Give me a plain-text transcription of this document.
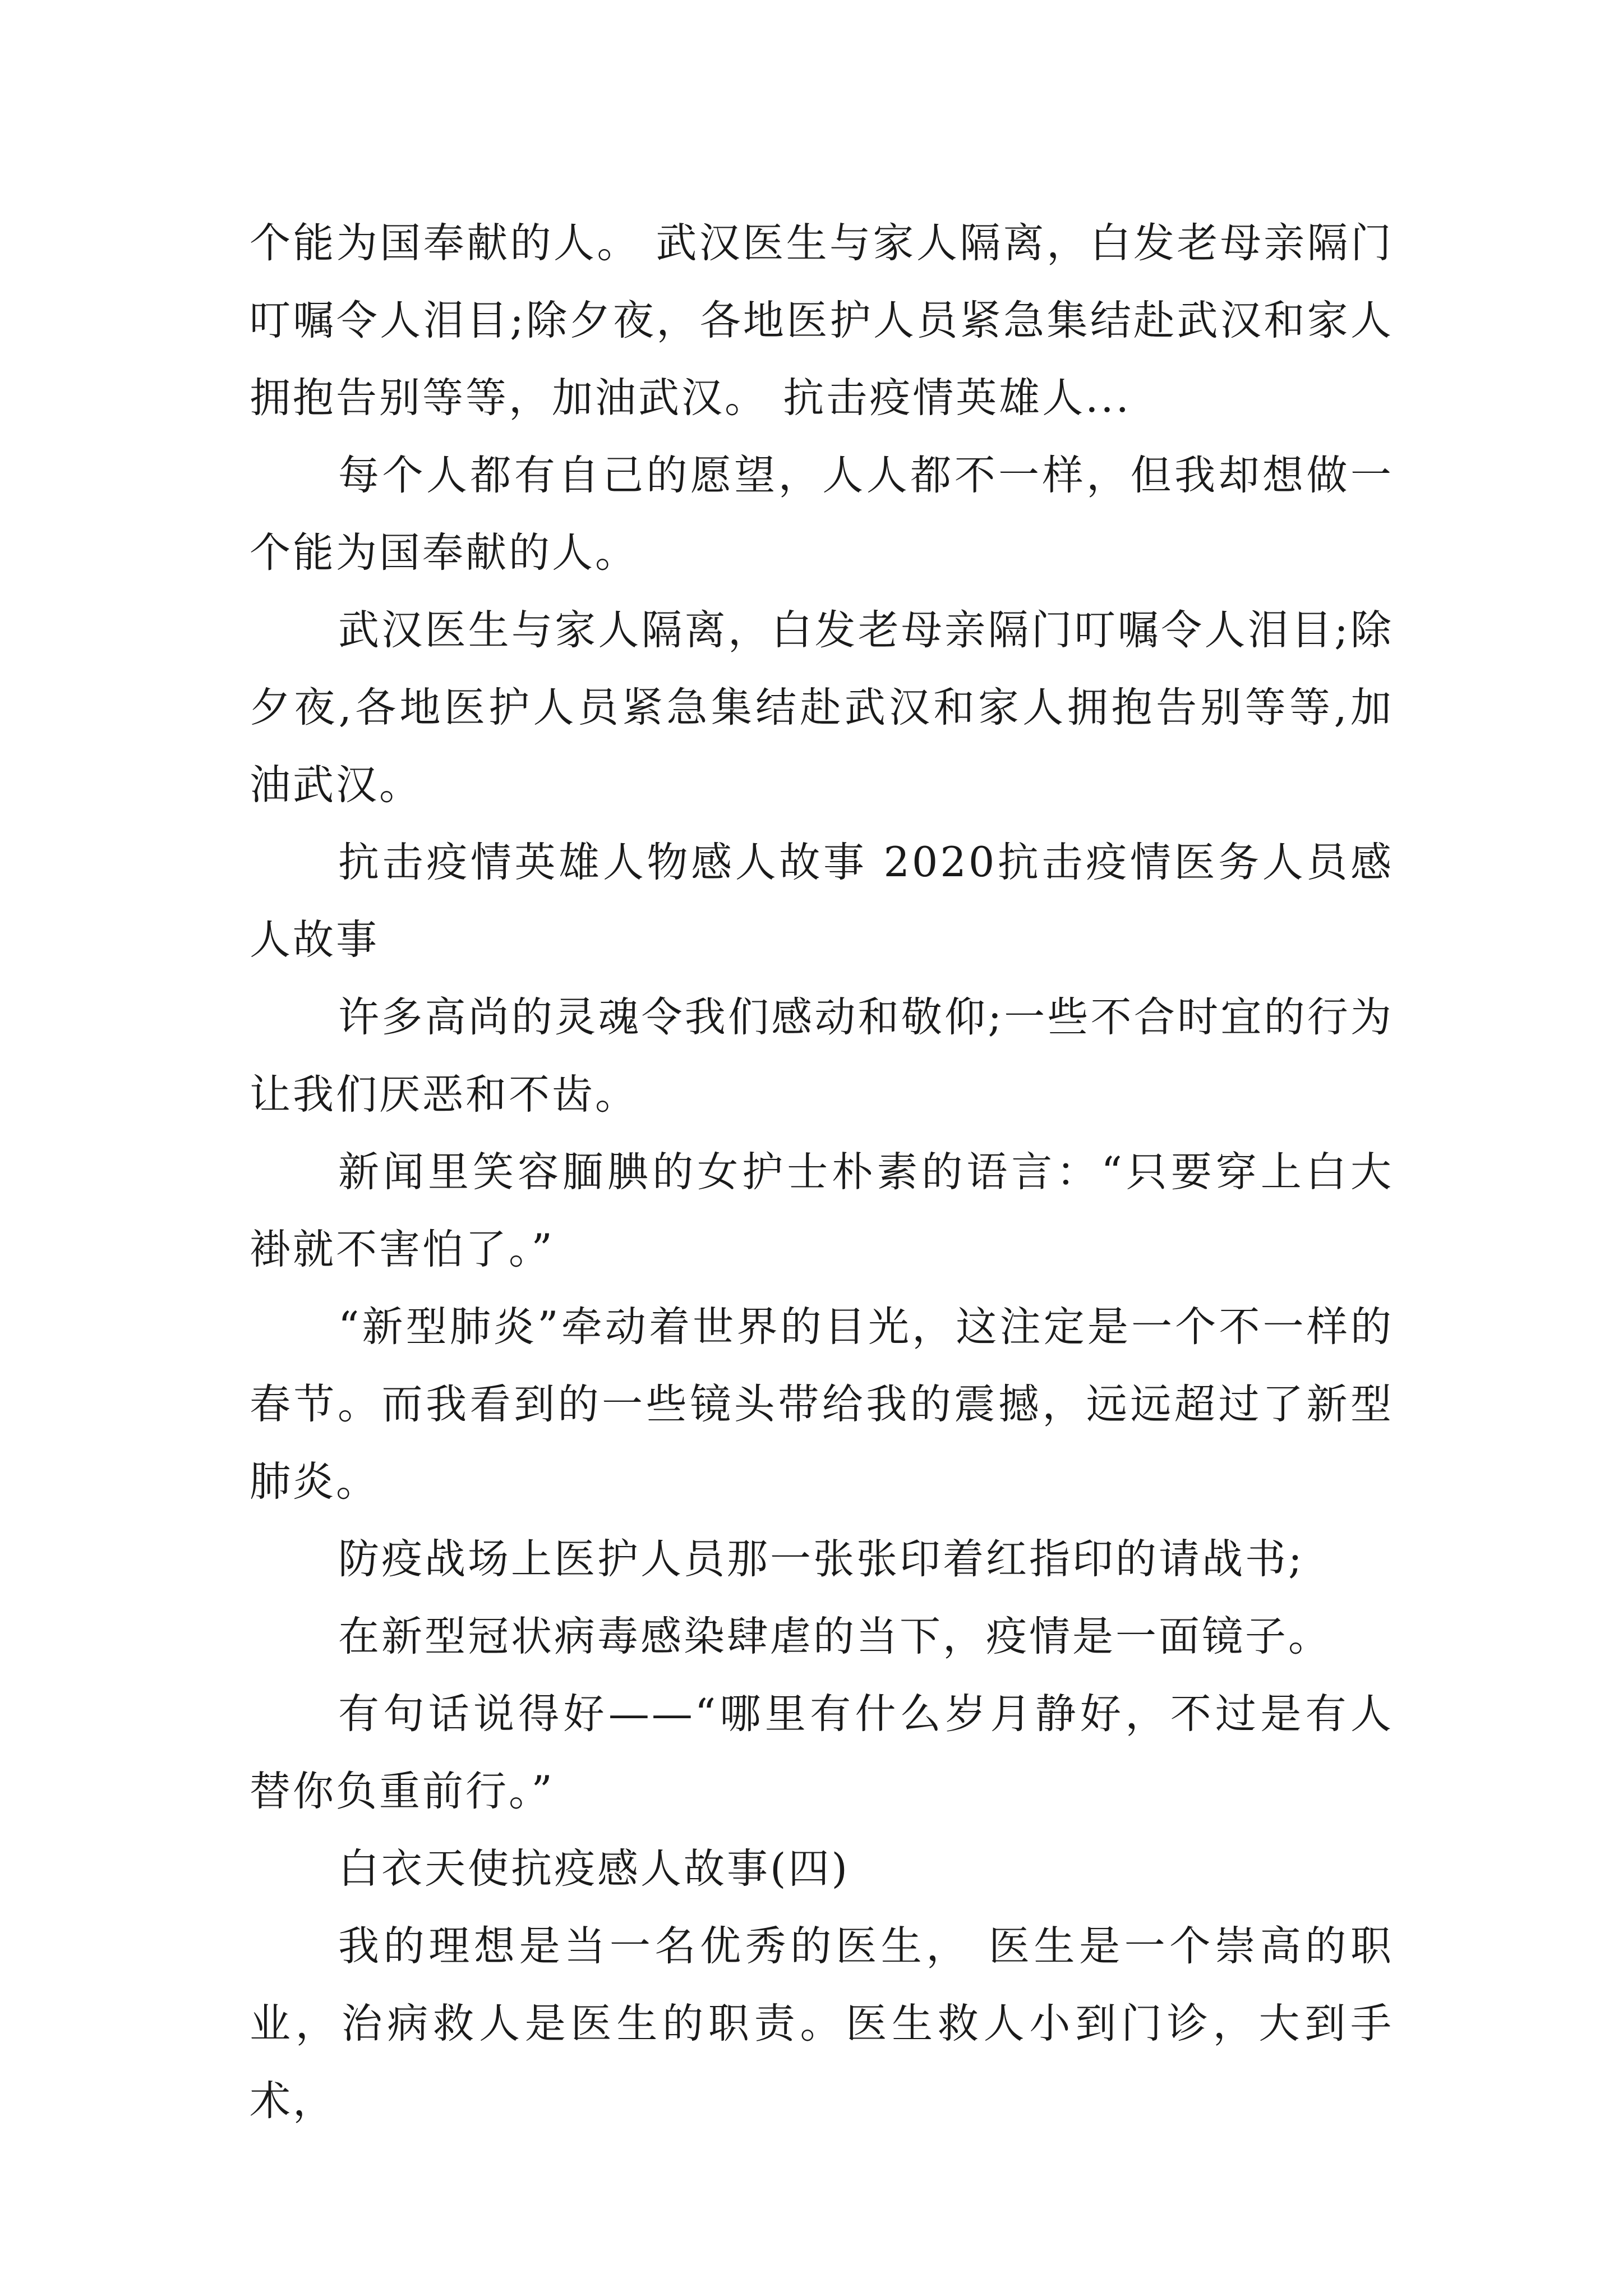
个能为国奉献的人。 武汉医生与家人隔离，白发老母亲隔门叮嘱令人泪目;除夕夜，各地医护人员紧急集结赴武汉和家人拥抱告别等等，加油武汉。 抗击疫情英雄人...

每个人都有自己的愿望，人人都不一样，但我却想做一个能为国奉献的人。

武汉医生与家人隔离，白发老母亲隔门叮嘱令人泪目;除夕夜,各地医护人员紧急集结赴武汉和家人拥抱告别等等,加油武汉。

抗击疫情英雄人物感人故事 2020抗击疫情医务人员感人故事

许多高尚的灵魂令我们感动和敬仰;一些不合时宜的行为让我们厌恶和不齿。

新闻里笑容腼腆的女护士朴素的语言：“只要穿上白大褂就不害怕了。”

“新型肺炎”牵动着世界的目光，这注定是一个不一样的春节。而我看到的一些镜头带给我的震撼，远远超过了新型肺炎。

防疫战场上医护人员那一张张印着红指印的请战书;

在新型冠状病毒感染肆虐的当下，疫情是一面镜子。

有句话说得好——“哪里有什么岁月静好，不过是有人替你负重前行。”

白衣天使抗疫感人故事(四)

我的理想是当一名优秀的医生， 医生是一个崇高的职业，治病救人是医生的职责。医生救人小到门诊，大到手术，
